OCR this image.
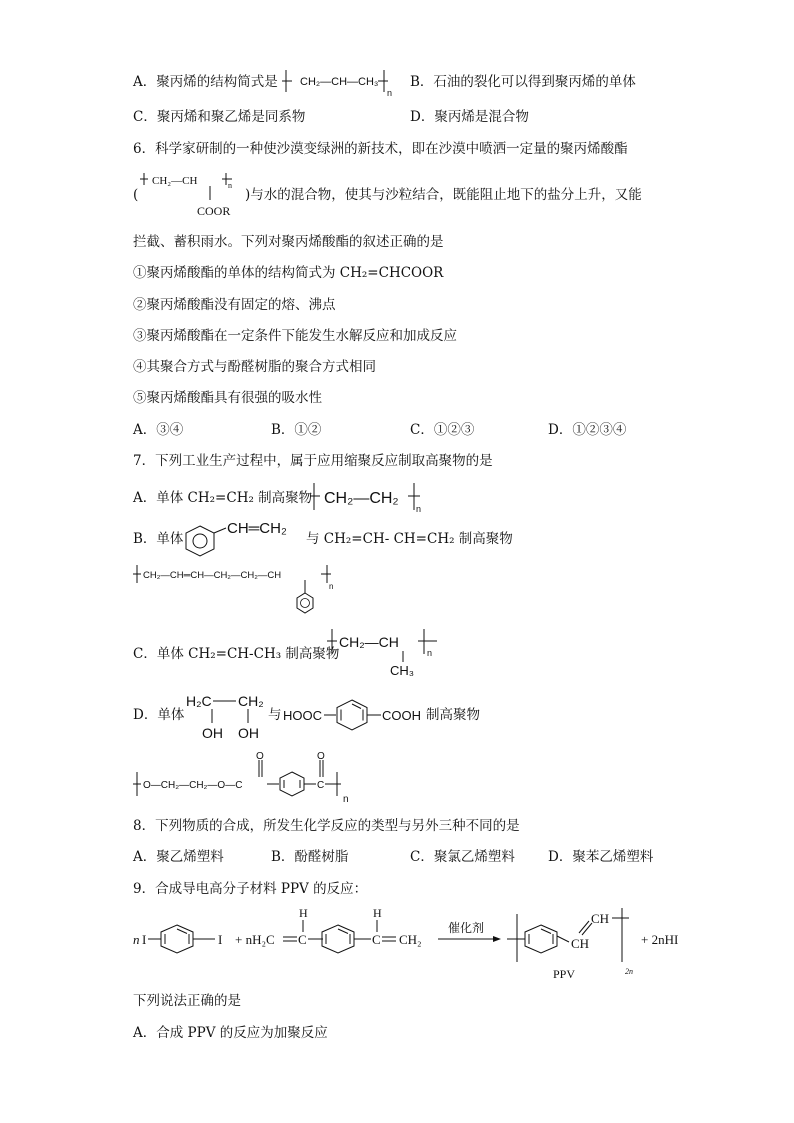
A．聚丙烯的结构简式是 CH₂—CH—CH₃
n
B．石油的裂化可以得到聚丙烯的单体
C．聚丙烯和聚乙烯是同系物	D．聚丙烯是混合物
6．科学家研制的一种使沙漠变绿洲的新技术，即在沙漠中喷洒一定量的聚丙烯酸酯
(
CH₂—CH	n
COOR
)与水的混合物，使其与沙粒结合，既能阻止地下的盐分上升，又能
拦截、蓄积雨水。下列对聚丙烯酸酯的叙述正确的是
①聚丙烯酸酯的单体的结构简式为 CH₂=CHCOOR
②聚丙烯酸酯没有固定的熔、沸点
③聚丙烯酸酯在一定条件下能发生水解反应和加成反应
④其聚合方式与酚醛树脂的聚合方式相同
⑤聚丙烯酸酯具有很强的吸水性
A．③④	B．①②	C．①②③	D．①②③④
7．下列工业生产过程中，属于应用缩聚反应制取高聚物的是
A．单体 CH₂=CH₂ 制高聚物 CH₂—CH₂
n
B．单体
CH═CH₂
与 CH₂=CH- CH=CH₂ 制高聚物
CH₂—CH═CH—CH₂—CH₂—CH
n
C．单体 CH₂=CH-CH₃ 制高聚物
CH₂—CH
n
CH₃
D．单体
H₂C CH₂
OH OH
与 HOOC	COOH 制高聚物
O—CH₂—CH₂—O—C
O
C
O
n
8．下列物质的合成，所发生化学反应的类型与另外三种不同的是
A．聚乙烯塑料	B．酚醛树脂	C．聚氯乙烯塑料 D．聚苯乙烯塑料
9．合成导电高分子材料 PPV 的反应：
n I	I + nH₂C C
H
C
H
CH₂
催化剂
CH
CH
2n
PPV
+ 2nHI
下列说法正确的是
A．合成 PPV 的反应为加聚反应
